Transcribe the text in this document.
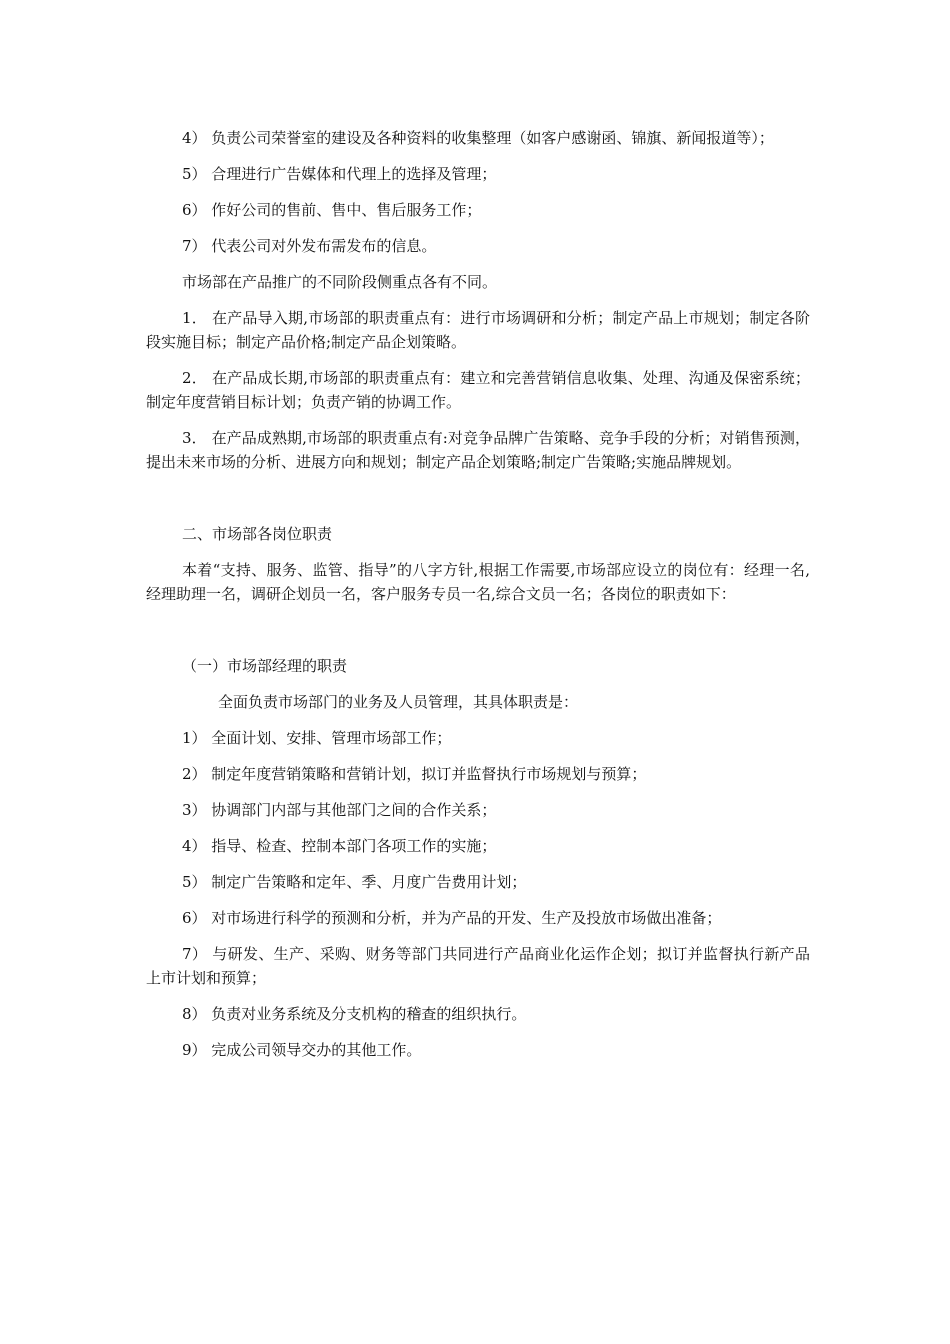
4） 负责公司荣誉室的建设及各种资料的收集整理（如客户感谢函、锦旗、新闻报道等）；

5） 合理进行广告媒体和代理上的选择及管理；

6） 作好公司的售前、售中、售后服务工作；

7） 代表公司对外发布需发布的信息。

市场部在产品推广的不同阶段侧重点各有不同。

1． 在产品导入期,市场部的职责重点有：进行市场调研和分析；制定产品上市规划；制定各阶段实施目标；制定产品价格;制定产品企划策略。

2． 在产品成长期,市场部的职责重点有：建立和完善营销信息收集、处理、沟通及保密系统；制定年度营销目标计划；负责产销的协调工作。

3． 在产品成熟期,市场部的职责重点有:对竞争品牌广告策略、竞争手段的分析；对销售预测，提出未来市场的分析、进展方向和规划；制定产品企划策略;制定广告策略;实施品牌规划。

二、市场部各岗位职责

本着“支持、服务、监管、指导”的八字方针,根据工作需要,市场部应设立的岗位有：经理一名,经理助理一名，调研企划员一名，客户服务专员一名,综合文员一名；各岗位的职责如下：

（一）市场部经理的职责

全面负责市场部门的业务及人员管理，其具体职责是：

1） 全面计划、安排、管理市场部工作；

2） 制定年度营销策略和营销计划，拟订并监督执行市场规划与预算；

3） 协调部门内部与其他部门之间的合作关系；

4） 指导、检查、控制本部门各项工作的实施；

5） 制定广告策略和定年、季、月度广告费用计划；

6） 对市场进行科学的预测和分析，并为产品的开发、生产及投放市场做出准备；

7） 与研发、生产、采购、财务等部门共同进行产品商业化运作企划；拟订并监督执行新产品上市计划和预算；

8） 负责对业务系统及分支机构的稽查的组织执行。

9） 完成公司领导交办的其他工作。
